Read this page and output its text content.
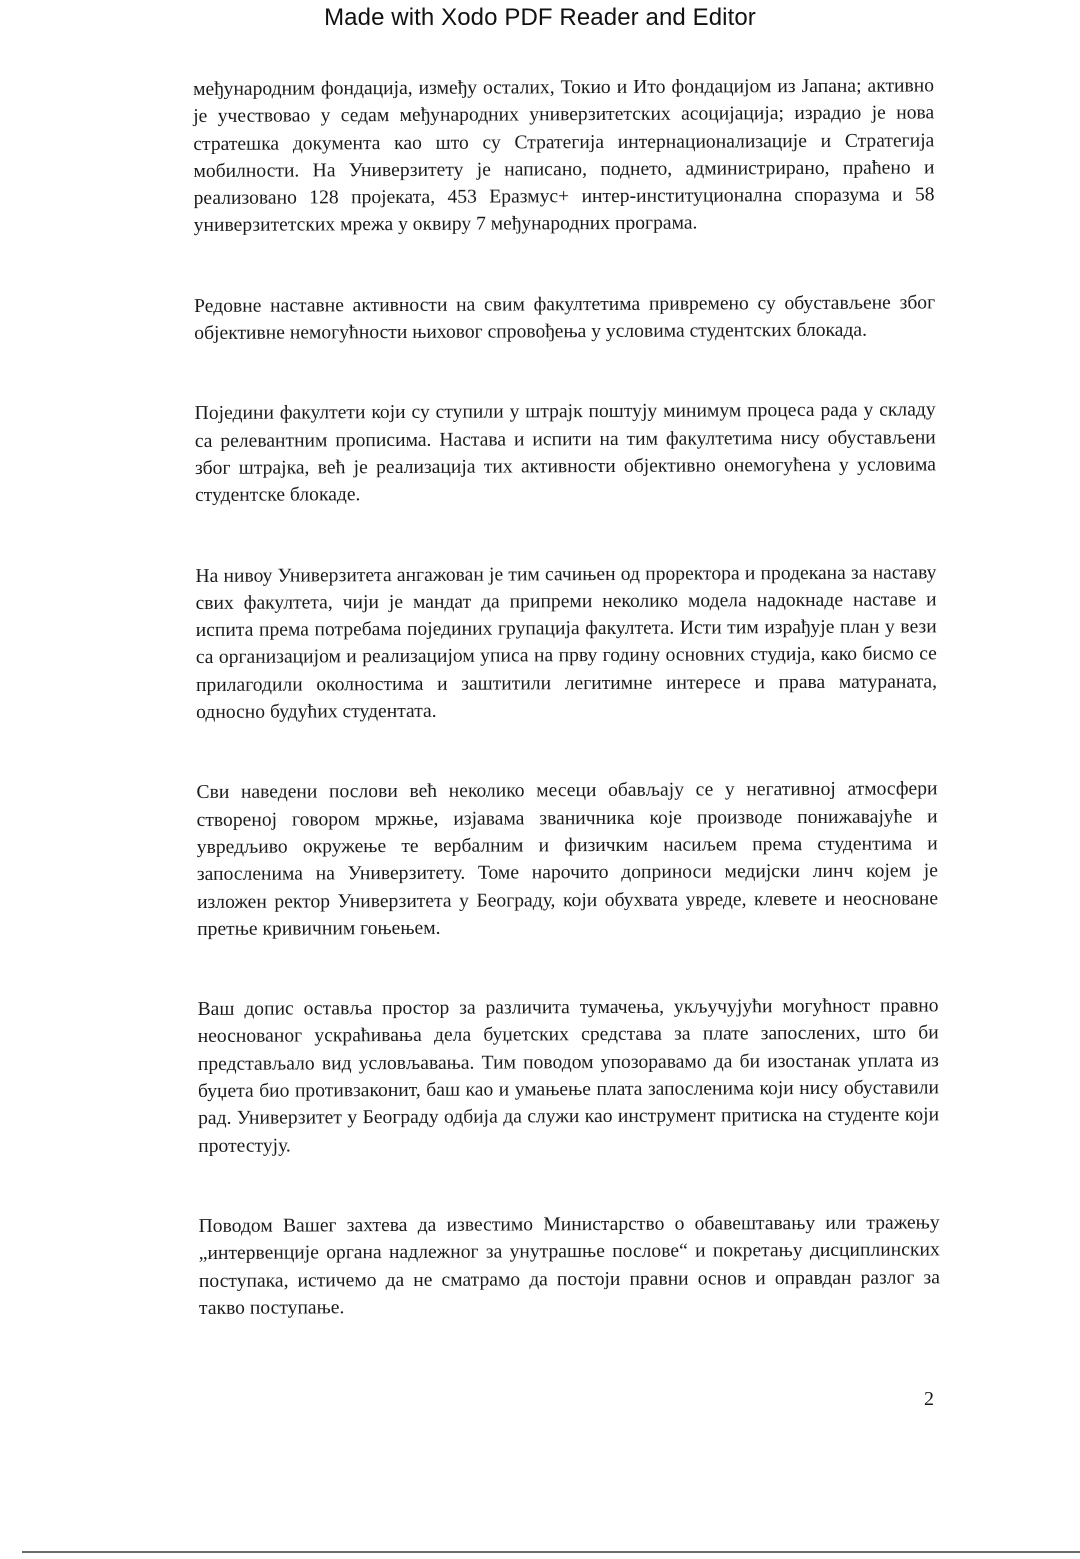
Made with Xodo PDF Reader and Editor

међународним фондација, између осталих, Токио и Ито фондацијом из Јапана; активно је учествовао у седам међународних универзитетских асоцијација; израдио је нова стратешка документа као што су Стратегија интернационализације и Стратегија мобилности. На Универзитету је написано, поднето, администрирано, праћено и реализовано 128 пројеката, 453 Еразмус+ интер-институционална споразума и 58 универзитетских мрежа у оквиру 7 међународних програма.

Редовне наставне активности на свим факултетима привремено су обустављене због објективне немогућности њиховог спровођења у условима студентских блокада.

Поједини факултети који су ступили у штрајк поштују минимум процеса рада у складу са релевантним прописима. Настава и испити на тим факултетима нису обустављени због штрајка, већ је реализација тих активности објективно онемогућена у условима студентске блокаде.

На нивоу Универзитета ангажован је тим сачињен од проректора и продекана за наставу свих факултета, чији је мандат да припреми неколико модела надокнаде наставе и испита према потребама појединих групација факултета. Исти тим израђује план у вези са организацијом и реализацијом уписа на прву годину основних студија, како бисмо се прилагодили околностима и заштитили легитимне интересе и права матураната, односно будућих студентата.

Сви наведени послови већ неколико месеци обављају се у негативној атмосфери створеној говором мржње, изјавама званичника које производе понижавајуће и увредљиво окружење те вербалним и физичким насиљем према студентима и запосленима на Универзитету. Томе нарочито доприноси медијски линч којем је изложен ректор Универзитета у Београду, који обухвата увреде, клевете и неосноване претње кривичним гоњењем.

Ваш допис оставља простор за различита тумачења, укључујући могућност правно неоснованог ускраћивања дела буџетских средстава за плате запослених, што би представљало вид условљавања. Тим поводом упозоравамо да би изостанак уплата из буџета био противзаконит, баш као и умањење плата запосленима који нису обуставили рад. Универзитет у Београду одбија да служи као инструмент притиска на студенте који протестују.

Поводом Вашег захтева да известимо Министарство о обавештавању или тражењу „интервенције органа надлежног за унутрашње послове“ и покретању дисциплинских поступака, истичемо да не сматрамо да постоји правни основ и оправдан разлог за такво поступање.

2
